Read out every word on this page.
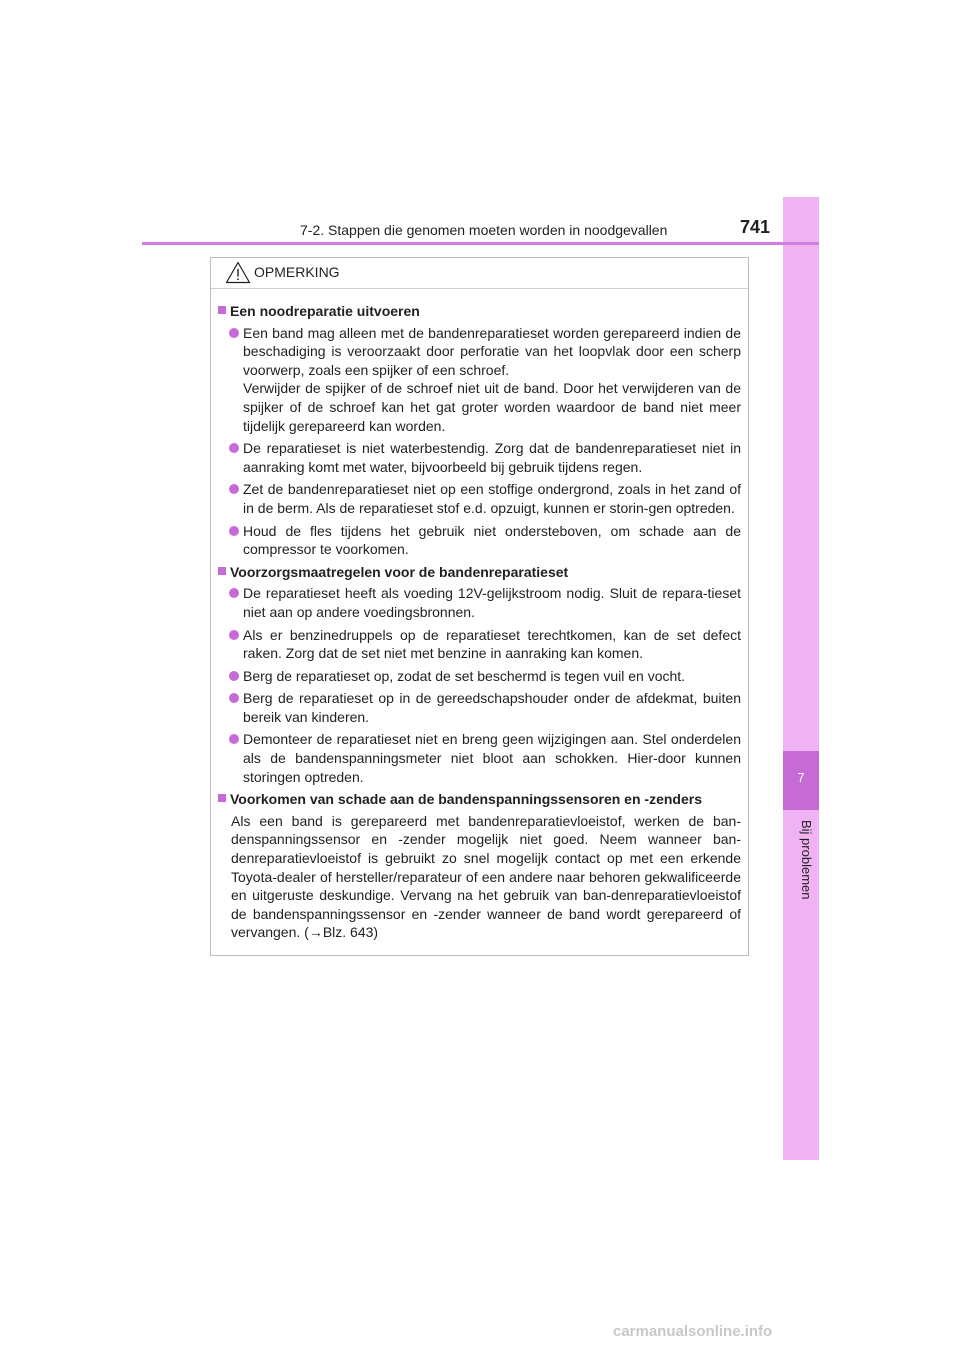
7
Bij problemen
7-2. Stappen die genomen moeten worden in noodgevallen	741
OPMERKING
Een noodreparatie uitvoeren

Een band mag alleen met de bandenreparatieset worden gerepareerd indien de beschadiging is veroorzaakt door perforatie van het loopvlak door een scherp voorwerp, zoals een spijker of een schroef.

Verwijder de spijker of de schroef niet uit de band. Door het verwijderen van de spijker of de schroef kan het gat groter worden waardoor de band niet meer tijdelijk gerepareerd kan worden.

De reparatieset is niet waterbestendig. Zorg dat de bandenreparatieset niet in aanraking komt met water, bijvoorbeeld bij gebruik tijdens regen.

Zet de bandenreparatieset niet op een stoffige ondergrond, zoals in het zand of in de berm. Als de reparatieset stof e.d. opzuigt, kunnen er storin-gen optreden.

Houd de fles tijdens het gebruik niet ondersteboven, om schade aan de compressor te voorkomen.

Voorzorgsmaatregelen voor de bandenreparatieset

De reparatieset heeft als voeding 12V-gelijkstroom nodig. Sluit de repara-tieset niet aan op andere voedingsbronnen.

Als er benzinedruppels op de reparatieset terechtkomen, kan de set defect raken. Zorg dat de set niet met benzine in aanraking kan komen.

Berg de reparatieset op, zodat de set beschermd is tegen vuil en vocht.

Berg de reparatieset op in de gereedschapshouder onder de afdekmat, buiten bereik van kinderen.

Demonteer de reparatieset niet en breng geen wijzigingen aan. Stel onderdelen als de bandenspanningsmeter niet bloot aan schokken. Hier-door kunnen storingen optreden.

Voorkomen van schade aan de bandenspanningssensoren en -zenders
Als een band is gerepareerd met bandenreparatievloeistof, werken de ban-denspanningssensor en -zender mogelijk niet goed. Neem wanneer ban-denreparatievloeistof is gebruikt zo snel mogelijk contact op met een erkende Toyota-dealer of hersteller/reparateur of een andere naar behoren gekwalificeerde en uitgeruste deskundige. Vervang na het gebruik van ban-denreparatievloeistof de bandenspanningssensor en -zender wanneer de band wordt gerepareerd of vervangen. (→Blz. 643)
carmanualsonline.info
